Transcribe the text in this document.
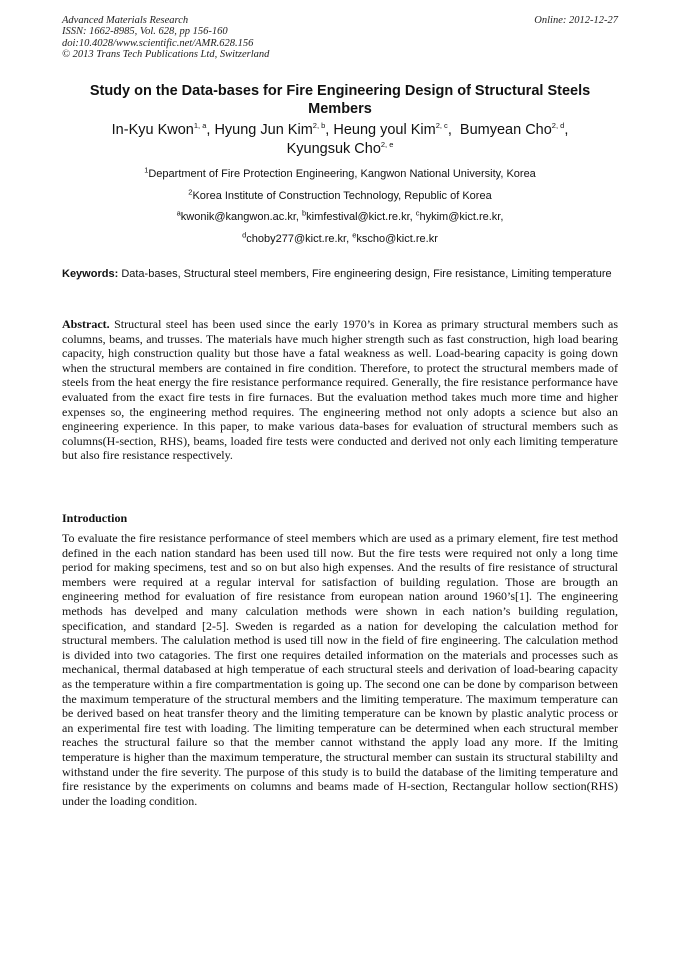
Advanced Materials Research
ISSN: 1662-8985, Vol. 628, pp 156-160
doi:10.4028/www.scientific.net/AMR.628.156
© 2013 Trans Tech Publications Ltd, Switzerland
Online: 2012-12-27
Study on the Data-bases for Fire Engineering Design of Structural Steels Members
In-Kyu Kwon$^{1, a}$, Hyung Jun Kim$^{2, b}$, Heung youl Kim$^{2, c}$,  Bumyean Cho$^{2, d}$,
Kyungsuk Cho$^{2, e}$
$^1$Department of Fire Protection Engineering, Kangwon National University, Korea
$^2$Korea Institute of Construction Technology, Republic of Korea
$^a$kwonik@kangwon.ac.kr, $^b$kimfestival@kict.re.kr, $^c$hykim@kict.re.kr,
$^d$choby277@kict.re.kr, $^e$kscho@kict.re.kr
Keywords: Data-bases, Structural steel members, Fire engineering design, Fire resistance, Limiting temperature
Abstract. Structural steel has been used since the early 1970’s in Korea as primary structural members such as columns, beams, and trusses. The materials have much higher strength such as fast construction, high load bearing capacity, high construction quality but those have a fatal weakness as well. Load-bearing capacity is going down when the structural members are contained in fire condition. Therefore, to protect the structural members made of steels from the heat energy the fire resistance performance required. Generally, the fire resistance performance have evaluated from the exact fire tests in fire furnaces. But the evaluation method takes much more time and higher expenses so, the engineering method requires. The engineering method not only adopts a science but also an engineering experience. In this paper, to make various data-bases for evaluation of structural members such as columns(H-section, RHS), beams, loaded fire tests were conducted and derived not only each limiting temperature but also fire resistance respectively.
Introduction
To evaluate the fire resistance performance of steel members which are used as a primary element, fire test method defined in the each nation standard has been used till now. But the fire tests were required not only a long time period for making specimens, test and so on but also high expenses. And the results of fire resistance of structural members were required at a regular interval for satisfaction of building regulation. Those are brougth an engineering method for evaluation of fire resistance from european nation around 1960’s[1]. The engineering methods has develped and many calculation methods were shown in each nation’s building regulation, specification, and standard [2-5]. Sweden is regarded as a nation for developing the calculation method for structural members. The calulation method is used till now in the field of fire engineering. The calculation method is divided into two catagories. The first one requires detailed information on the materials and processes such as mechanical, thermal databased at high temperatue of each structural steels and derivation of load-bearing capacity as the temperature within a fire compartmentation is going up. The second one can be done by comparison between the maximum temperature of the structural members and the limiting temperature. The maximum temperature can be derived based on heat transfer theory and the limiting temperature can be known by plastic analytic process or an experimental fire test with loading. The limiting temperature can be determined when each structural member reaches the structural failure so that the member cannot withstand the apply load any more. If the lmiting temperature is higher than the maximum temperature, the structural member can sustain its structural stabililty and withstand under the fire severity. The purpose of this study is to build the database of the limiting temperature and fire resistance by the experiments on columns and beams made of H-section, Rectangular hollow section(RHS) under the loading condition.
